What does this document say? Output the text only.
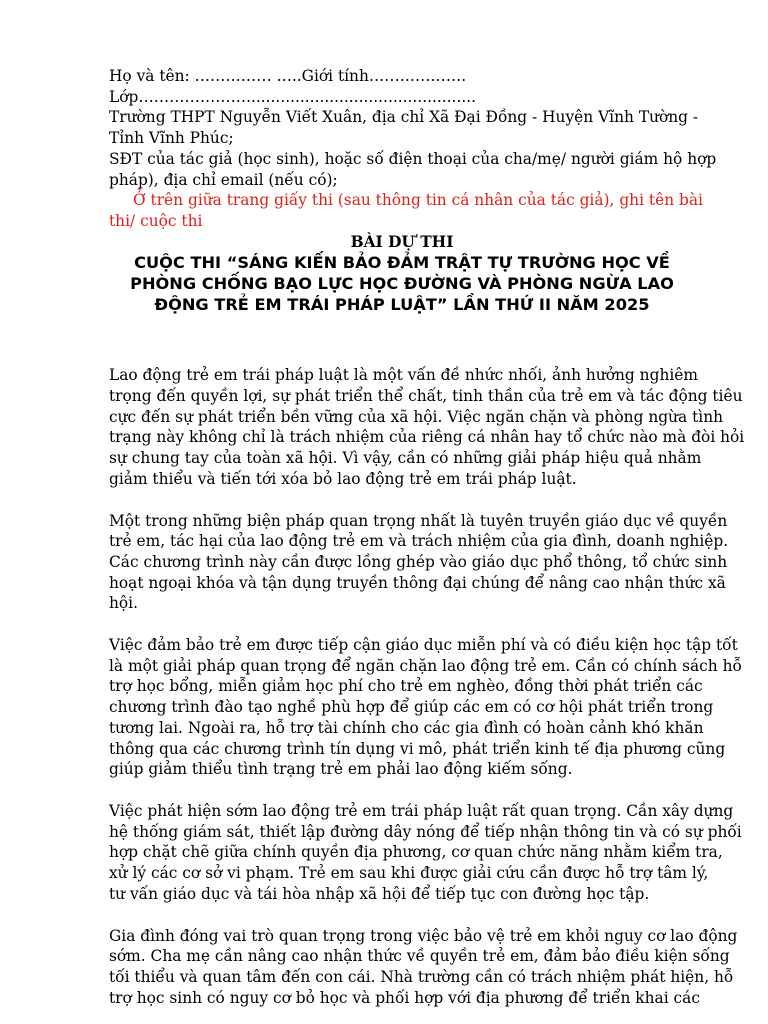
Họ và tên: …………… …..Giới tính……………….
Lớp…………………...............................................
Trường THPT Nguyễn Viết Xuân, địa chỉ Xã Đại Đồng - Huyện Vĩnh Tường -
Tỉnh Vĩnh Phúc;
SĐT của tác giả (học sinh), hoặc số điện thoại của cha/mẹ/ người giám hộ hợp
pháp), địa chỉ email (nếu có);
Ở trên giữa trang giấy thi (sau thông tin cá nhân của tác giả), ghi tên bài
thi/ cuộc thi
BÀI DỰ THI
CUỘC THI “SÁNG KIẾN BẢO ĐẢM TRẬT TỰ TRƯỜNG HỌC VỀ
PHÒNG CHỐNG BẠO LỰC HỌC ĐƯỜNG VÀ PHÒNG NGỪA LAO
ĐỘNG TRẺ EM TRÁI PHÁP LUẬT” LẦN THỨ II NĂM 2025
Lao động trẻ em trái pháp luật là một vấn đề nhức nhối, ảnh hưởng nghiêm
trọng đến quyền lợi, sự phát triển thể chất, tinh thần của trẻ em và tác động tiêu
cực đến sự phát triển bền vững của xã hội. Việc ngăn chặn và phòng ngừa tình
trạng này không chỉ là trách nhiệm của riêng cá nhân hay tổ chức nào mà đòi hỏi
sự chung tay của toàn xã hội. Vì vậy, cần có những giải pháp hiệu quả nhằm
giảm thiểu và tiến tới xóa bỏ lao động trẻ em trái pháp luật.
Một trong những biện pháp quan trọng nhất là tuyên truyền giáo dục về quyền
trẻ em, tác hại của lao động trẻ em và trách nhiệm của gia đình, doanh nghiệp.
Các chương trình này cần được lồng ghép vào giáo dục phổ thông, tổ chức sinh
hoạt ngoại khóa và tận dụng truyền thông đại chúng để nâng cao nhận thức xã
hội.
Việc đảm bảo trẻ em được tiếp cận giáo dục miễn phí và có điều kiện học tập tốt
là một giải pháp quan trọng để ngăn chặn lao động trẻ em. Cần có chính sách hỗ
trợ học bổng, miễn giảm học phí cho trẻ em nghèo, đồng thời phát triển các
chương trình đào tạo nghề phù hợp để giúp các em có cơ hội phát triển trong
tương lai. Ngoài ra, hỗ trợ tài chính cho các gia đình có hoàn cảnh khó khăn
thông qua các chương trình tín dụng vi mô, phát triển kinh tế địa phương cũng
giúp giảm thiểu tình trạng trẻ em phải lao động kiếm sống.
Việc phát hiện sớm lao động trẻ em trái pháp luật rất quan trọng. Cần xây dựng
hệ thống giám sát, thiết lập đường dây nóng để tiếp nhận thông tin và có sự phối
hợp chặt chẽ giữa chính quyền địa phương, cơ quan chức năng nhằm kiểm tra,
xử lý các cơ sở vi phạm. Trẻ em sau khi được giải cứu cần được hỗ trợ tâm lý,
tư vấn giáo dục và tái hòa nhập xã hội để tiếp tục con đường học tập.
Gia đình đóng vai trò quan trọng trong việc bảo vệ trẻ em khỏi nguy cơ lao động
sớm. Cha mẹ cần nâng cao nhận thức về quyền trẻ em, đảm bảo điều kiện sống
tối thiểu và quan tâm đến con cái. Nhà trường cần có trách nhiệm phát hiện, hỗ
trợ học sinh có nguy cơ bỏ học và phối hợp với địa phương để triển khai các
